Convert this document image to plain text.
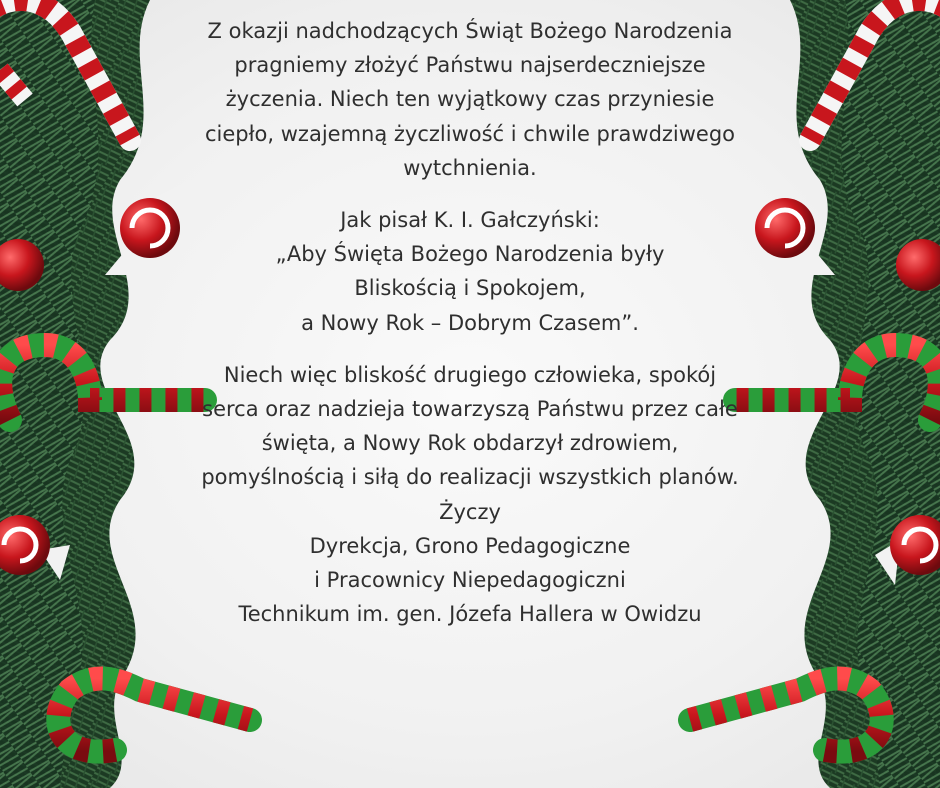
Z okazji nadchodzących Świąt Bożego Narodzenia
pragniemy złożyć Państwu najserdeczniejsze
życzenia. Niech ten wyjątkowy czas przyniesie
ciepło, wzajemną życzliwość i chwile prawdziwego
wytchnienia.

Jak pisał K. I. Gałczyński:
„Aby Święta Bożego Narodzenia były
Bliskością i Spokojem,
a Nowy Rok – Dobrym Czasem”.

Niech więc bliskość drugiego człowieka, spokój
serca oraz nadzieja towarzyszą Państwu przez całe
święta, a Nowy Rok obdarzył zdrowiem,
pomyślnością i siłą do realizacji wszystkich planów.
Życzy
Dyrekcja, Grono Pedagogiczne
i Pracownicy Niepedagogiczni
Technikum im. gen. Józefa Hallera w Owidzu
